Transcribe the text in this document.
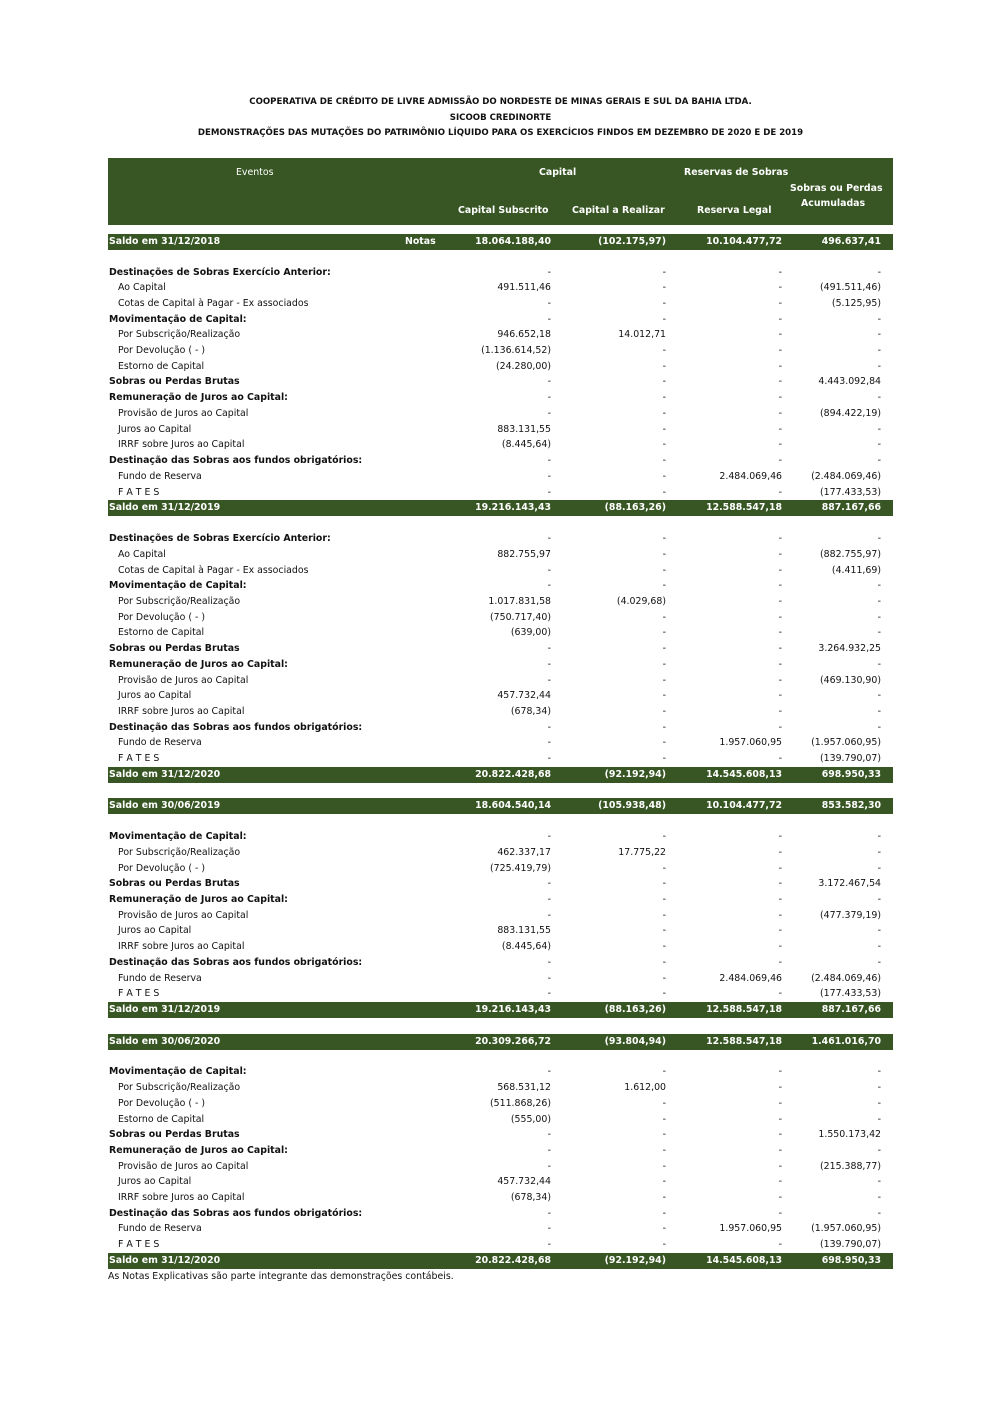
COOPERATIVA DE CRÉDITO DE LIVRE ADMISSÃO DO NORDESTE DE MINAS GERAIS E SUL DA BAHIA LTDA.
SICOOB CREDINORTE
DEMONSTRAÇÕES DAS MUTAÇÕES DO PATRIMÔNIO LÍQUIDO PARA OS EXERCÍCIOS FINDOS EM DEZEMBRO DE 2020 E DE 2019
Eventos	Capital	Reservas de Sobras
Sobras ou Perdas
Acumuladas
Capital Subscrito	Capital a Realizar	Reserva Legal
Saldo em 31/12/2018	Notas	18.064.188,40	(102.175,97)	10.104.477,72	496.637,41
Destinações de Sobras Exercício Anterior:	-	-	-	-
Ao Capital	491.511,46	-	-	(491.511,46)
Cotas de Capital à Pagar - Ex associados	-	-	-	(5.125,95)
Movimentação de Capital:	-	-	-	-
Por Subscrição/Realização	946.652,18	14.012,71	-	-
Por Devolução ( - )	(1.136.614,52)	-	-	-
Estorno de Capital	(24.280,00)	-	-	-
Sobras ou Perdas Brutas	-	-	-	4.443.092,84
Remuneração de Juros ao Capital:	-	-	-	-
Provisão de Juros ao Capital	-	-	-	(894.422,19)
Juros ao Capital	883.131,55	-	-	-
IRRF sobre Juros ao Capital	(8.445,64)	-	-	-
Destinação das Sobras aos fundos obrigatórios:	-	-	-	-
Fundo de Reserva	-	-	2.484.069,46	(2.484.069,46)
F A T E S	-	-	-	(177.433,53)
Saldo em 31/12/2019	19.216.143,43	(88.163,26)	12.588.547,18	887.167,66
Destinações de Sobras Exercício Anterior:	-	-	-	-
Ao Capital	882.755,97	-	-	(882.755,97)
Cotas de Capital à Pagar - Ex associados	-	-	-	(4.411,69)
Movimentação de Capital:	-	-	-	-
Por Subscrição/Realização	1.017.831,58	(4.029,68)	-	-
Por Devolução ( - )	(750.717,40)	-	-	-
Estorno de Capital	(639,00)	-	-	-
Sobras ou Perdas Brutas	-	-	-	3.264.932,25
Remuneração de Juros ao Capital:	-	-	-	-
Provisão de Juros ao Capital	-	-	-	(469.130,90)
Juros ao Capital	457.732,44	-	-	-
IRRF sobre Juros ao Capital	(678,34)	-	-	-
Destinação das Sobras aos fundos obrigatórios:	-	-	-	-
Fundo de Reserva	-	-	1.957.060,95	(1.957.060,95)
F A T E S	-	-	-	(139.790,07)
Saldo em 31/12/2020	20.822.428,68	(92.192,94)	14.545.608,13	698.950,33
Saldo em 30/06/2019	18.604.540,14	(105.938,48)	10.104.477,72	853.582,30
Movimentação de Capital:	-	-	-	-
Por Subscrição/Realização	462.337,17	17.775,22	-	-
Por Devolução ( - )	(725.419,79)	-	-	-
Sobras ou Perdas Brutas	-	-	-	3.172.467,54
Remuneração de Juros ao Capital:	-	-	-	-
Provisão de Juros ao Capital	-	-	-	(477.379,19)
Juros ao Capital	883.131,55	-	-	-
IRRF sobre Juros ao Capital	(8.445,64)	-	-	-
Destinação das Sobras aos fundos obrigatórios:	-	-	-	-
Fundo de Reserva	-	-	2.484.069,46	(2.484.069,46)
F A T E S	-	-	-	(177.433,53)
Saldo em 31/12/2019	19.216.143,43	(88.163,26)	12.588.547,18	887.167,66
Saldo em 30/06/2020	20.309.266,72	(93.804,94)	12.588.547,18	1.461.016,70
Movimentação de Capital:	-	-	-	-
Por Subscrição/Realização	568.531,12	1.612,00	-	-
Por Devolução ( - )	(511.868,26)	-	-	-
Estorno de Capital	(555,00)	-	-	-
Sobras ou Perdas Brutas	-	-	-	1.550.173,42
Remuneração de Juros ao Capital:	-	-	-	-
Provisão de Juros ao Capital	-	-	-	(215.388,77)
Juros ao Capital	457.732,44	-	-	-
IRRF sobre Juros ao Capital	(678,34)	-	-	-
Destinação das Sobras aos fundos obrigatórios:	-	-	-	-
Fundo de Reserva	-	-	1.957.060,95	(1.957.060,95)
F A T E S	-	-	-	(139.790,07)
Saldo em 31/12/2020	20.822.428,68	(92.192,94)	14.545.608,13	698.950,33
As Notas Explicativas são parte integrante das demonstrações contábeis.
